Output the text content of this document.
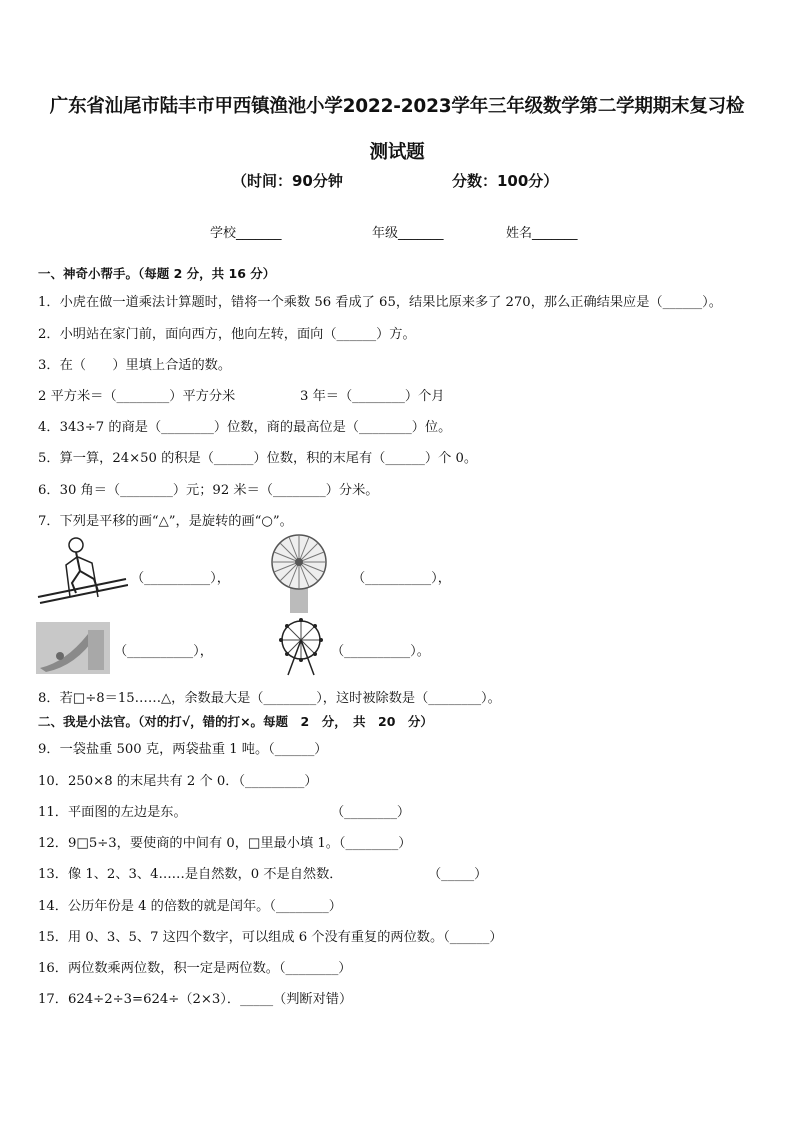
广东省汕尾市陆丰市甲西镇渔池小学2022-2023学年三年级数学第二学期期末复习检
测试题
（时间：90分钟	分数：100分）
学校_______	年级_______	姓名_______
一、神奇小帮手。（每题 2 分，共 16 分）
1．小虎在做一道乘法计算题时，错将一个乘数 56 看成了 65，结果比原来多了 270，那么正确结果应是（______）。
2．小明站在家门前，面向西方，他向左转，面向（______）方。
3．在（　　）里填上合适的数。
2 平方米＝（________）平方分米	3 年＝（________）个月
4．343÷7 的商是（________）位数，商的最高位是（________）位。
5．算一算，24×50 的积是（______）位数，积的末尾有（______）个 0。
6．30 角＝（________）元；92 米＝（________）分米。
7．下列是平移的画“△”，是旋转的画“○”。
（__________），	（__________），
（__________），	（__________）。
8．若□÷8＝15……△，余数最大是（________），这时被除数是（________）。
二、我是小法官。（对的打√，错的打×。每题　2　分，　共　20　分）
9．一袋盐重 500 克，两袋盐重 1 吨。（______）
10．250×8 的末尾共有 2 个 0．（_________）
11．平面图的左边是东。	（________）
12．9□5÷3，要使商的中间有 0，□里最小填 1。（________）
13．像 1、2、3、4……是自然数，0 不是自然数．	（_____）
14．公历年份是 4 的倍数的就是闰年。（________）
15．用 0、3、5、7 这四个数字，可以组成 6 个没有重复的两位数。（______）
16．两位数乘两位数，积一定是两位数。（________）
17．624÷2÷3=624÷（2×3）．_____（判断对错）
